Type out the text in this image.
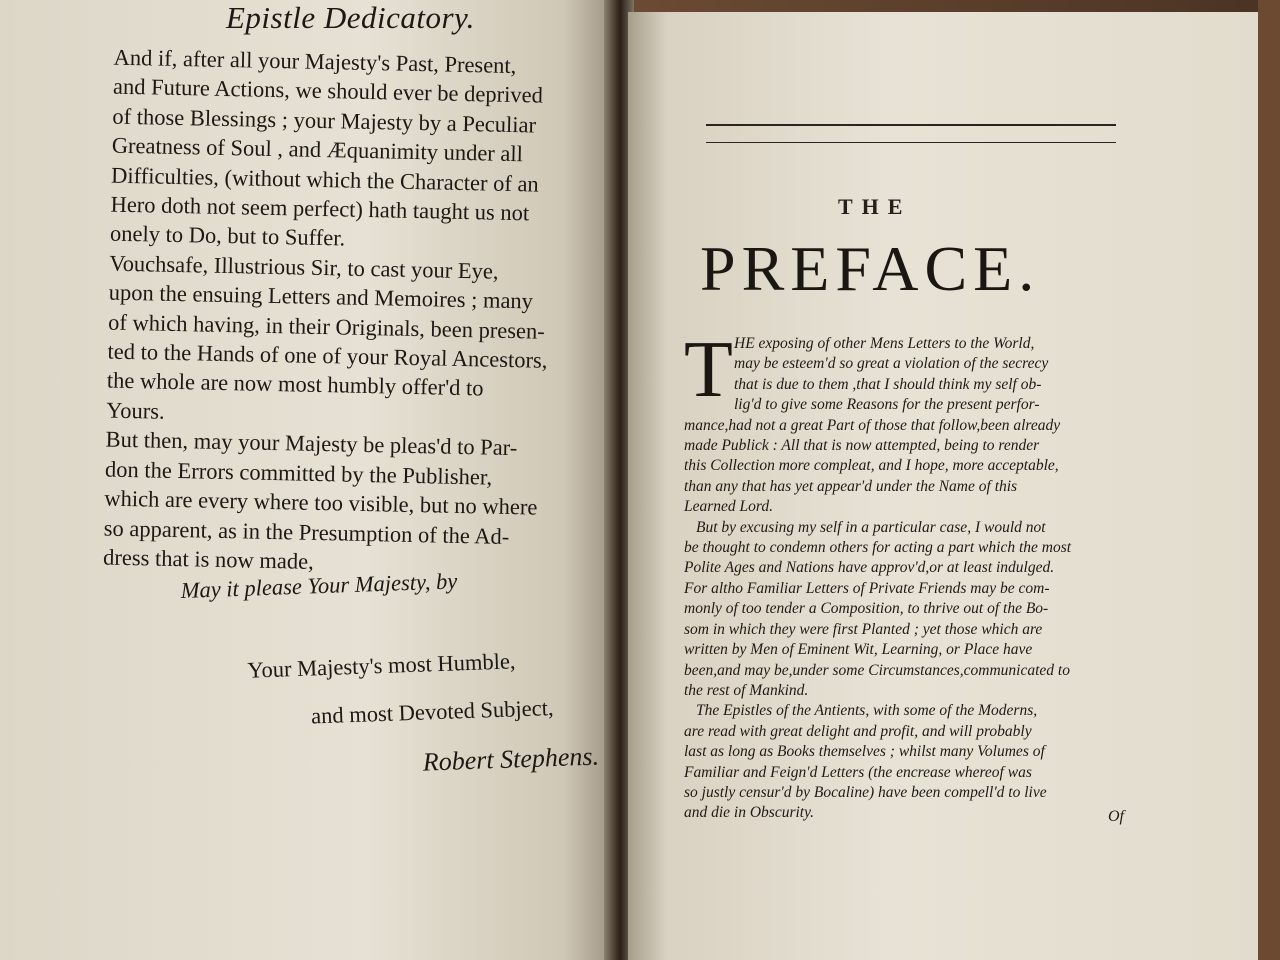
Epistle Dedicatory.

And if, after all your Majesty's Past, Present,
and Future Actions, we should ever be deprived
of those Blessings ; your Majesty by a Peculiar
Greatness of Soul , and Æquanimity under all
Difficulties, (without which the Character of an
Hero doth not seem perfect) hath taught us not
onely to Do, but to Suffer.

Vouchsafe, Illustrious Sir, to cast your Eye,
upon the ensuing Letters and Memoires ; many
of which having, in their Originals, been presen-
ted to the Hands of one of your Royal Ancestors,
the whole are now most humbly offer'd to
Yours.

But then, may your Majesty be pleas'd to Par-
don the Errors committed by the Publisher,
which are every where too visible, but no where
so apparent, as in the Presumption of the Ad-
dress that is now made,

May it please Your Majesty, by
Your Majesty's most Humble,
and most Devoted Subject,
Robert Stephens.
THE
PREFACE.
T HE exposing of other Mens Letters to the World,
may be esteem'd so great a violation of the secrecy
that is due to them ,that I should think my self ob-
lig'd to give some Reasons for the present perfor-
mance,had not a great Part of those that follow,been already
made Publick : All that is now attempted, being to render
this Collection more compleat, and I hope, more acceptable,
than any that has yet appear'd under the Name of this
Learned Lord.
But by excusing my self in a particular case, I would not
be thought to condemn others for acting a part which the most
Polite Ages and Nations have approv'd,or at least indulged.
For altho Familiar Letters of Private Friends may be com-
monly of too tender a Composition, to thrive out of the Bo-
som in which they were first Planted ; yet those which are
written by Men of Eminent Wit, Learning, or Place have
been,and may be,under some Circumstances,communicated to
the rest of Mankind.
The Epistles of the Antients, with some of the Moderns,
are read with great delight and profit, and will probably
last as long as Books themselves ; whilst many Volumes of
Familiar and Feign'd Letters (the encrease whereof was
so justly censur'd by Bocaline) have been compell'd to live
and die in Obscurity.	Of
